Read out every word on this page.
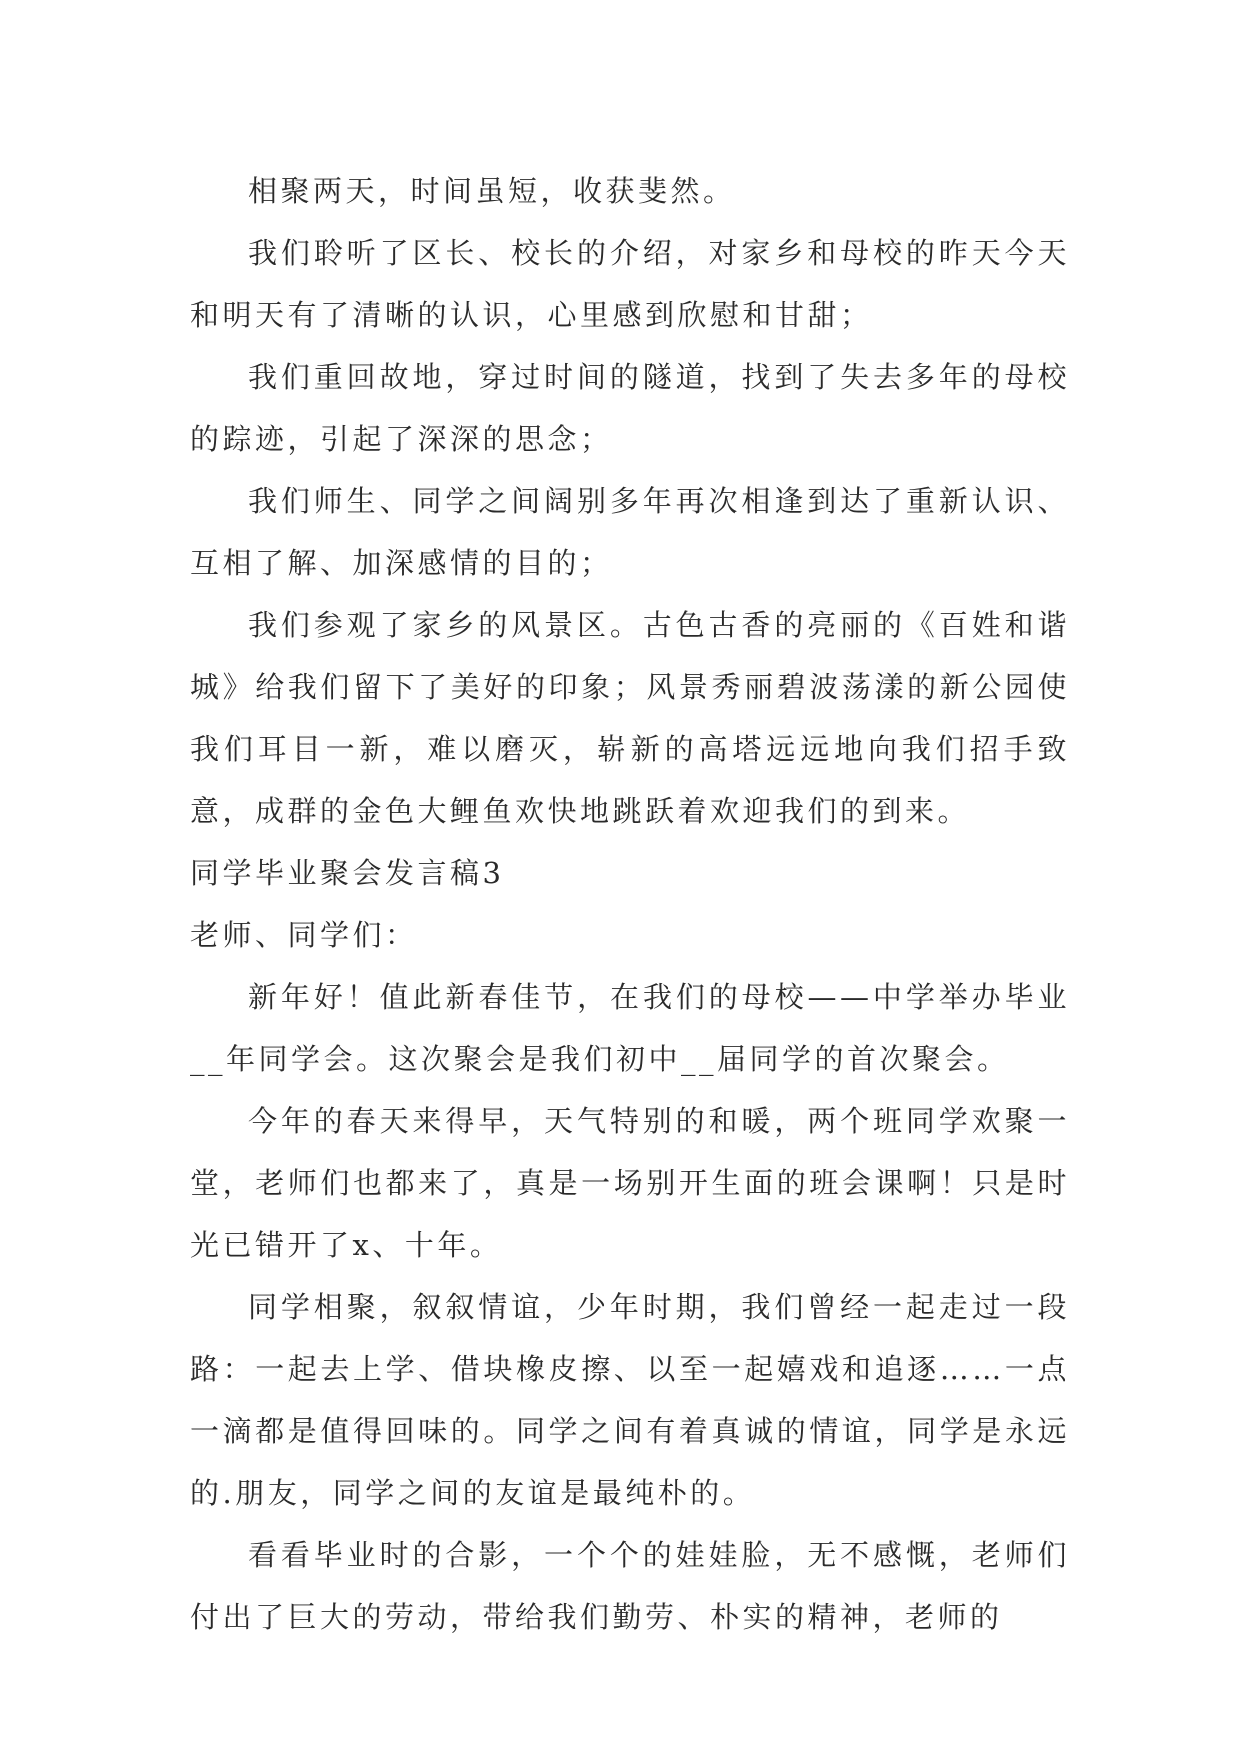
相聚两天，时间虽短，收获斐然。

我们聆听了区长、校长的介绍，对家乡和母校的昨天今天和明天有了清晰的认识，心里感到欣慰和甘甜；

我们重回故地，穿过时间的隧道，找到了失去多年的母校的踪迹，引起了深深的思念；

我们师生、同学之间阔别多年再次相逢到达了重新认识、互相了解、加深感情的目的；

我们参观了家乡的风景区。古色古香的亮丽的《百姓和谐城》给我们留下了美好的印象；风景秀丽碧波荡漾的新公园使我们耳目一新，难以磨灭，崭新的高塔远远地向我们招手致意，成群的金色大鲤鱼欢快地跳跃着欢迎我们的到来。

同学毕业聚会发言稿3

老师、同学们：

新年好！值此新春佳节，在我们的母校——中学举办毕业__年同学会。这次聚会是我们初中__届同学的首次聚会。

今年的春天来得早，天气特别的和暖，两个班同学欢聚一堂，老师们也都来了，真是一场别开生面的班会课啊！只是时光已错开了x、十年。

同学相聚，叙叙情谊，少年时期，我们曾经一起走过一段路：一起去上学、借块橡皮擦、以至一起嬉戏和追逐……一点一滴都是值得回味的。同学之间有着真诚的情谊，同学是永远的.朋友，同学之间的友谊是最纯朴的。

看看毕业时的合影，一个个的娃娃脸，无不感慨，老师们付出了巨大的劳动，带给我们勤劳、朴实的精神，老师的
